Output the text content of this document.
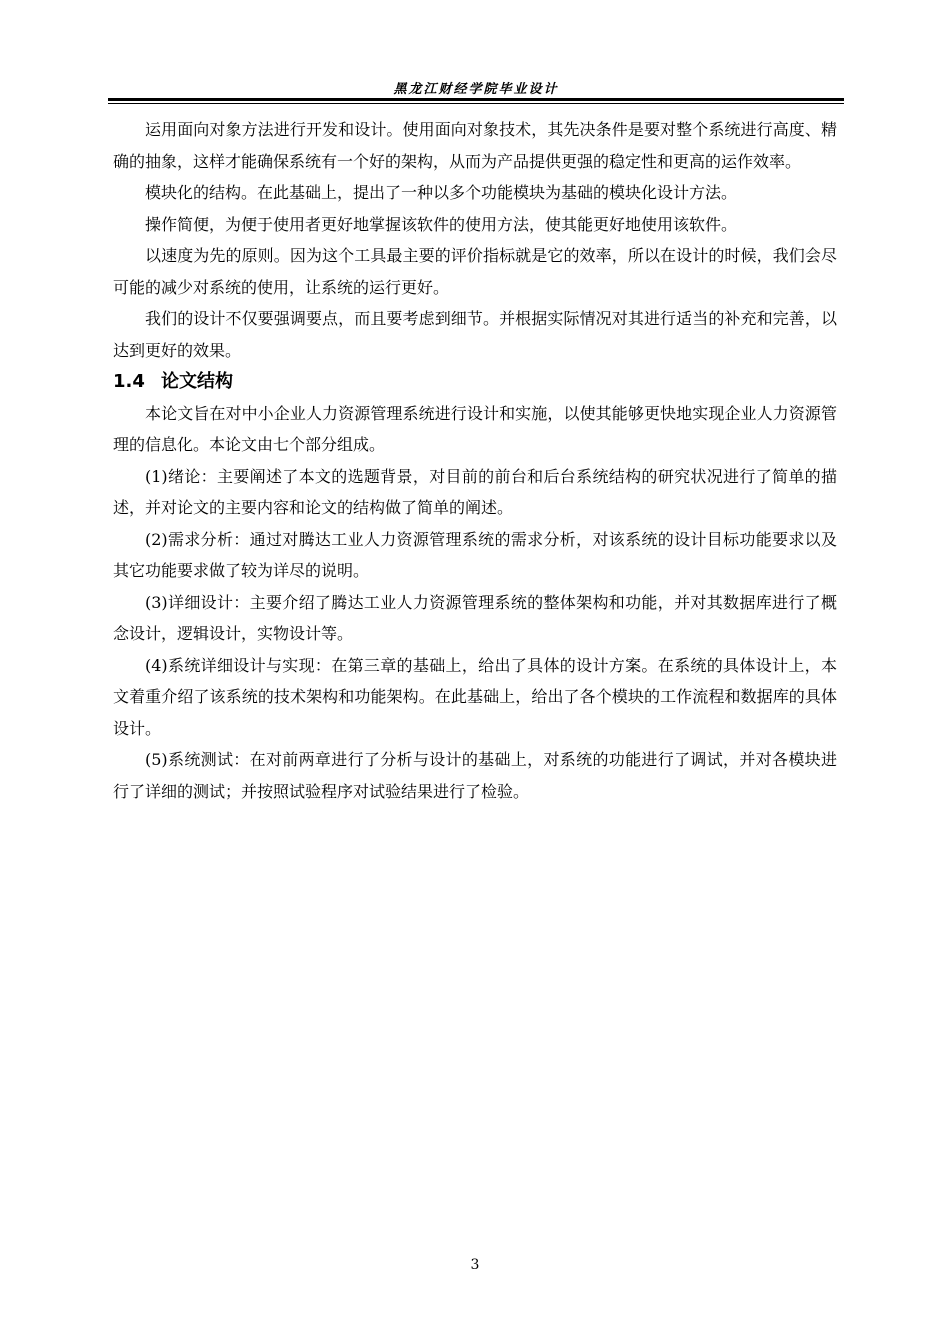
黑龙江财经学院毕业设计

运用面向对象方法进行开发和设计。使用面向对象技术，其先决条件是要对整个系统进行高度、精确的抽象，这样才能确保系统有一个好的架构，从而为产品提供更强的稳定性和更高的运作效率。

模块化的结构。在此基础上，提出了一种以多个功能模块为基础的模块化设计方法。

操作简便，为便于使用者更好地掌握该软件的使用方法，使其能更好地使用该软件。

以速度为先的原则。因为这个工具最主要的评价指标就是它的效率，所以在设计的时候，我们会尽可能的减少对系统的使用，让系统的运行更好。

我们的设计不仅要强调要点，而且要考虑到细节。并根据实际情况对其进行适当的补充和完善，以达到更好的效果。

1.4 论文结构

本论文旨在对中小企业人力资源管理系统进行设计和实施，以使其能够更快地实现企业人力资源管理的信息化。本论文由七个部分组成。

(1)绪论：主要阐述了本文的选题背景，对目前的前台和后台系统结构的研究状况进行了简单的描述，并对论文的主要内容和论文的结构做了简单的阐述。

(2)需求分析：通过对腾达工业人力资源管理系统的需求分析，对该系统的设计目标功能要求以及其它功能要求做了较为详尽的说明。

(3)详细设计：主要介绍了腾达工业人力资源管理系统的整体架构和功能，并对其数据库进行了概念设计，逻辑设计，实物设计等。

(4)系统详细设计与实现：在第三章的基础上，给出了具体的设计方案。在系统的具体设计上，本文着重介绍了该系统的技术架构和功能架构。在此基础上，给出了各个模块的工作流程和数据库的具体设计。

(5)系统测试：在对前两章进行了分析与设计的基础上，对系统的功能进行了调试，并对各模块进行了详细的测试；并按照试验程序对试验结果进行了检验。

3
